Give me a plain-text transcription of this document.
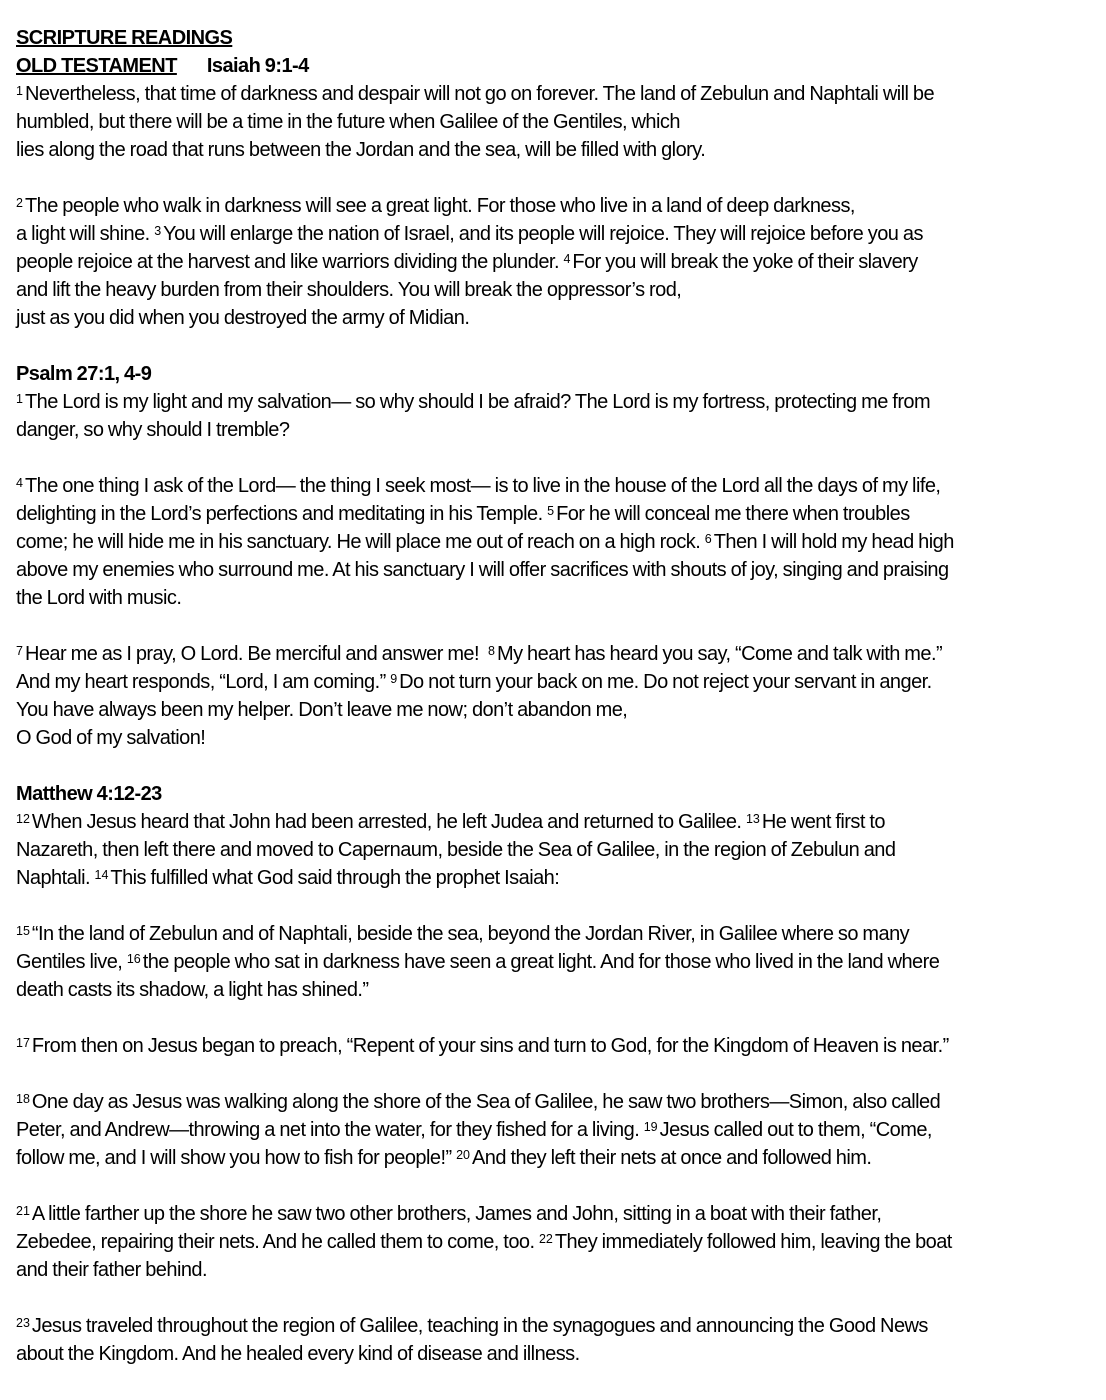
SCRIPTURE READINGS
OLD TESTAMENT Isaiah 9:1-4
$^1$ Nevertheless, that time of darkness and despair will not go on forever. The land of Zebulun and Naphtali will be
humbled, but there will be a time in the future when Galilee of the Gentiles, which
lies along the road that runs between the Jordan and the sea, will be filled with glory.
$^2$ The people who walk in darkness will see a great light. For those who live in a land of deep darkness,
a light will shine. $^3$ You will enlarge the nation of Israel, and its people will rejoice. They will rejoice before you as
people rejoice at the harvest and like warriors dividing the plunder. $^4$ For you will break the yoke of their slavery
and lift the heavy burden from their shoulders. You will break the oppressor’s rod,
just as you did when you destroyed the army of Midian.
Psalm 27:1, 4-9
$^1$ The Lord is my light and my salvation— so why should I be afraid? The Lord is my fortress, protecting me from
danger, so why should I tremble?
$^4$ The one thing I ask of the Lord— the thing I seek most— is to live in the house of the Lord all the days of my life,
delighting in the Lord’s perfections and meditating in his Temple. $^5$ For he will conceal me there when troubles
come; he will hide me in his sanctuary. He will place me out of reach on a high rock. $^6$ Then I will hold my head high
above my enemies who surround me. At his sanctuary I will offer sacrifices with shouts of joy, singing and praising
the Lord with music.
$^7$ Hear me as I pray, O Lord. Be merciful and answer me! $^8$ My heart has heard you say, “Come and talk with me.”
And my heart responds, “Lord, I am coming.” $^9$ Do not turn your back on me. Do not reject your servant in anger.
You have always been my helper. Don’t leave me now; don’t abandon me,
O God of my salvation!
Matthew 4:12-23
$^{12}$ When Jesus heard that John had been arrested, he left Judea and returned to Galilee. $^{13}$ He went first to
Nazareth, then left there and moved to Capernaum, beside the Sea of Galilee, in the region of Zebulun and
Naphtali. $^{14}$ This fulfilled what God said through the prophet Isaiah:
$^{15}$ “In the land of Zebulun and of Naphtali, beside the sea, beyond the Jordan River, in Galilee where so many
Gentiles live, $^{16}$ the people who sat in darkness have seen a great light. And for those who lived in the land where
death casts its shadow, a light has shined.”
$^{17}$ From then on Jesus began to preach, “Repent of your sins and turn to God, for the Kingdom of Heaven is near.”
$^{18}$ One day as Jesus was walking along the shore of the Sea of Galilee, he saw two brothers—Simon, also called
Peter, and Andrew—throwing a net into the water, for they fished for a living. $^{19}$ Jesus called out to them, “Come,
follow me, and I will show you how to fish for people!” $^{20}$ And they left their nets at once and followed him.
$^{21}$ A little farther up the shore he saw two other brothers, James and John, sitting in a boat with their father,
Zebedee, repairing their nets. And he called them to come, too. $^{22}$ They immediately followed him, leaving the boat
and their father behind.
$^{23}$ Jesus traveled throughout the region of Galilee, teaching in the synagogues and announcing the Good News
about the Kingdom. And he healed every kind of disease and illness.
